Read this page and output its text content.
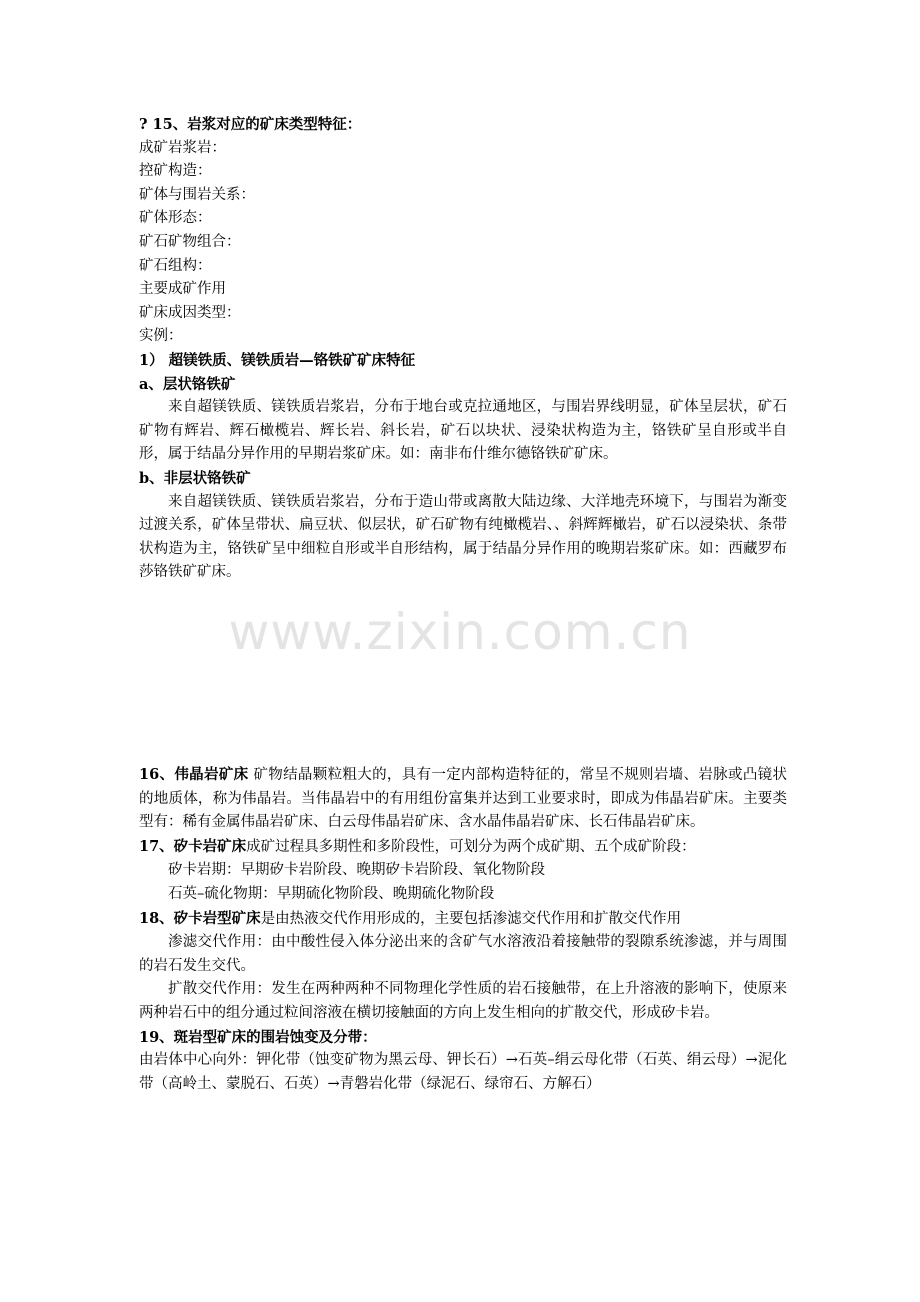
? 15、岩浆对应的矿床类型特征：
成矿岩浆岩：
控矿构造：
矿体与围岩关系：
矿体形态：
矿石矿物组合：
矿石组构：
主要成矿作用
矿床成因类型：
实例：
1） 超镁铁质、镁铁质岩—铬铁矿矿床特征
a、层状铬铁矿
来自超镁铁质、镁铁质岩浆岩，分布于地台或克拉通地区，与围岩界线明显，矿体呈层状，矿石矿物有辉岩、辉石橄榄岩、辉长岩、斜长岩，矿石以块状、浸染状构造为主，铬铁矿呈自形或半自形，属于结晶分异作用的早期岩浆矿床。如：南非布什维尔德铬铁矿矿床。
b、非层状铬铁矿
来自超镁铁质、镁铁质岩浆岩，分布于造山带或离散大陆边缘、大洋地壳环境下，与围岩为渐变过渡关系，矿体呈带状、扁豆状、似层状，矿石矿物有纯橄榄岩、、斜辉辉橄岩，矿石以浸染状、条带状构造为主，铬铁矿呈中细粒自形或半自形结构，属于结晶分异作用的晚期岩浆矿床。如：西藏罗布莎铬铁矿矿床。
www.zixin.com.cn
16、伟晶岩矿床 矿物结晶颗粒粗大的，具有一定内部构造特征的，常呈不规则岩墙、岩脉或凸镜状的地质体，称为伟晶岩。当伟晶岩中的有用组份富集并达到工业要求时，即成为伟晶岩矿床。主要类型有：稀有金属伟晶岩矿床、白云母伟晶岩矿床、含水晶伟晶岩矿床、长石伟晶岩矿床。
17、矽卡岩矿床成矿过程具多期性和多阶段性，可划分为两个成矿期、五个成矿阶段：
矽卡岩期：早期矽卡岩阶段、晚期矽卡岩阶段、氧化物阶段
石英–硫化物期：早期硫化物阶段、晚期硫化物阶段
18、矽卡岩型矿床是由热液交代作用形成的，主要包括渗滤交代作用和扩散交代作用
渗滤交代作用：由中酸性侵入体分泌出来的含矿气水溶液沿着接触带的裂隙系统渗滤，并与周围的岩石发生交代。
扩散交代作用：发生在两种两种不同物理化学性质的岩石接触带，在上升溶液的影响下，使原来两种岩石中的组分通过粒间溶液在横切接触面的方向上发生相向的扩散交代，形成矽卡岩。
19、斑岩型矿床的围岩蚀变及分带：
由岩体中心向外：钾化带（蚀变矿物为黑云母、钾长石）→石英–绢云母化带（石英、绢云母）→泥化带（高岭土、蒙脱石、石英）→青磐岩化带（绿泥石、绿帘石、方解石）
